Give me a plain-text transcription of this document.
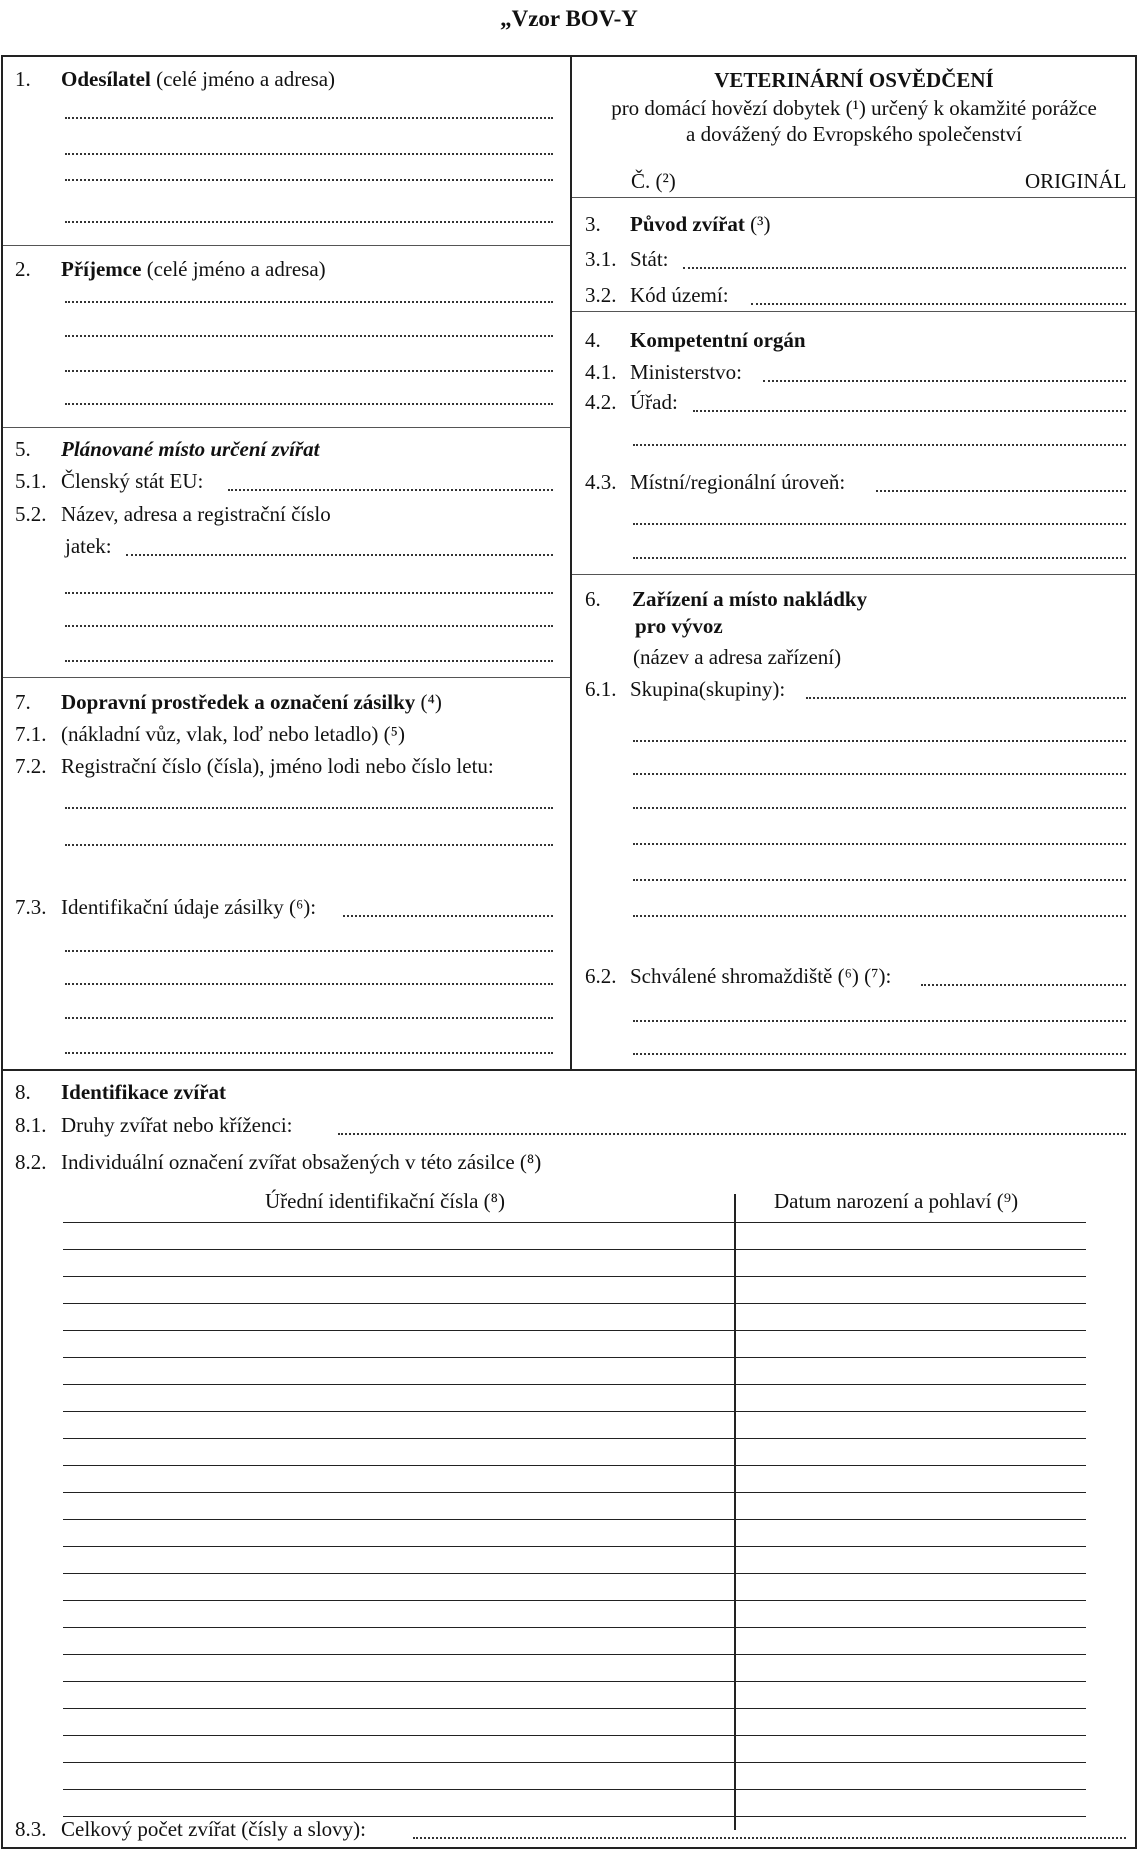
„Vzor BOV-Y
1. Odesílatel (celé jméno a adresa)
2. Příjemce (celé jméno a adresa)
5. Plánované místo určení zvířat
5.1. Členský stát EU:
5.2. Název, adresa a registrační číslo
jatek:
7. Dopravní prostředek a označení zásilky (⁴)
7.1. (nákladní vůz, vlak, loď nebo letadlo) (⁵)
7.2. Registrační číslo (čísla), jméno lodi nebo číslo letu:
7.3. Identifikační údaje zásilky (⁶):
VETERINÁRNÍ OSVĚDČENÍ
pro domácí hovězí dobytek (¹) určený k okamžité porážce
a dovážený do Evropského společenství
Č. (²)	ORIGINÁL
3. Původ zvířat (³)
3.1. Stát:
3.2. Kód území:
4. Kompetentní orgán
4.1. Ministerstvo:
4.2. Úřad:
4.3. Místní/regionální úroveň:
6. Zařízení a místo nakládky
pro vývoz
(název a adresa zařízení)
6.1. Skupina(skupiny):
6.2. Schválené shromaždiště (⁶) (⁷):
8. Identifikace zvířat
8.1. Druhy zvířat nebo kříženci:
8.2. Individuální označení zvířat obsažených v této zásilce (⁸)
Úřední identifikační čísla (⁸)	Datum narození a pohlaví (⁹)
8.3. Celkový počet zvířat (čísly a slovy):
